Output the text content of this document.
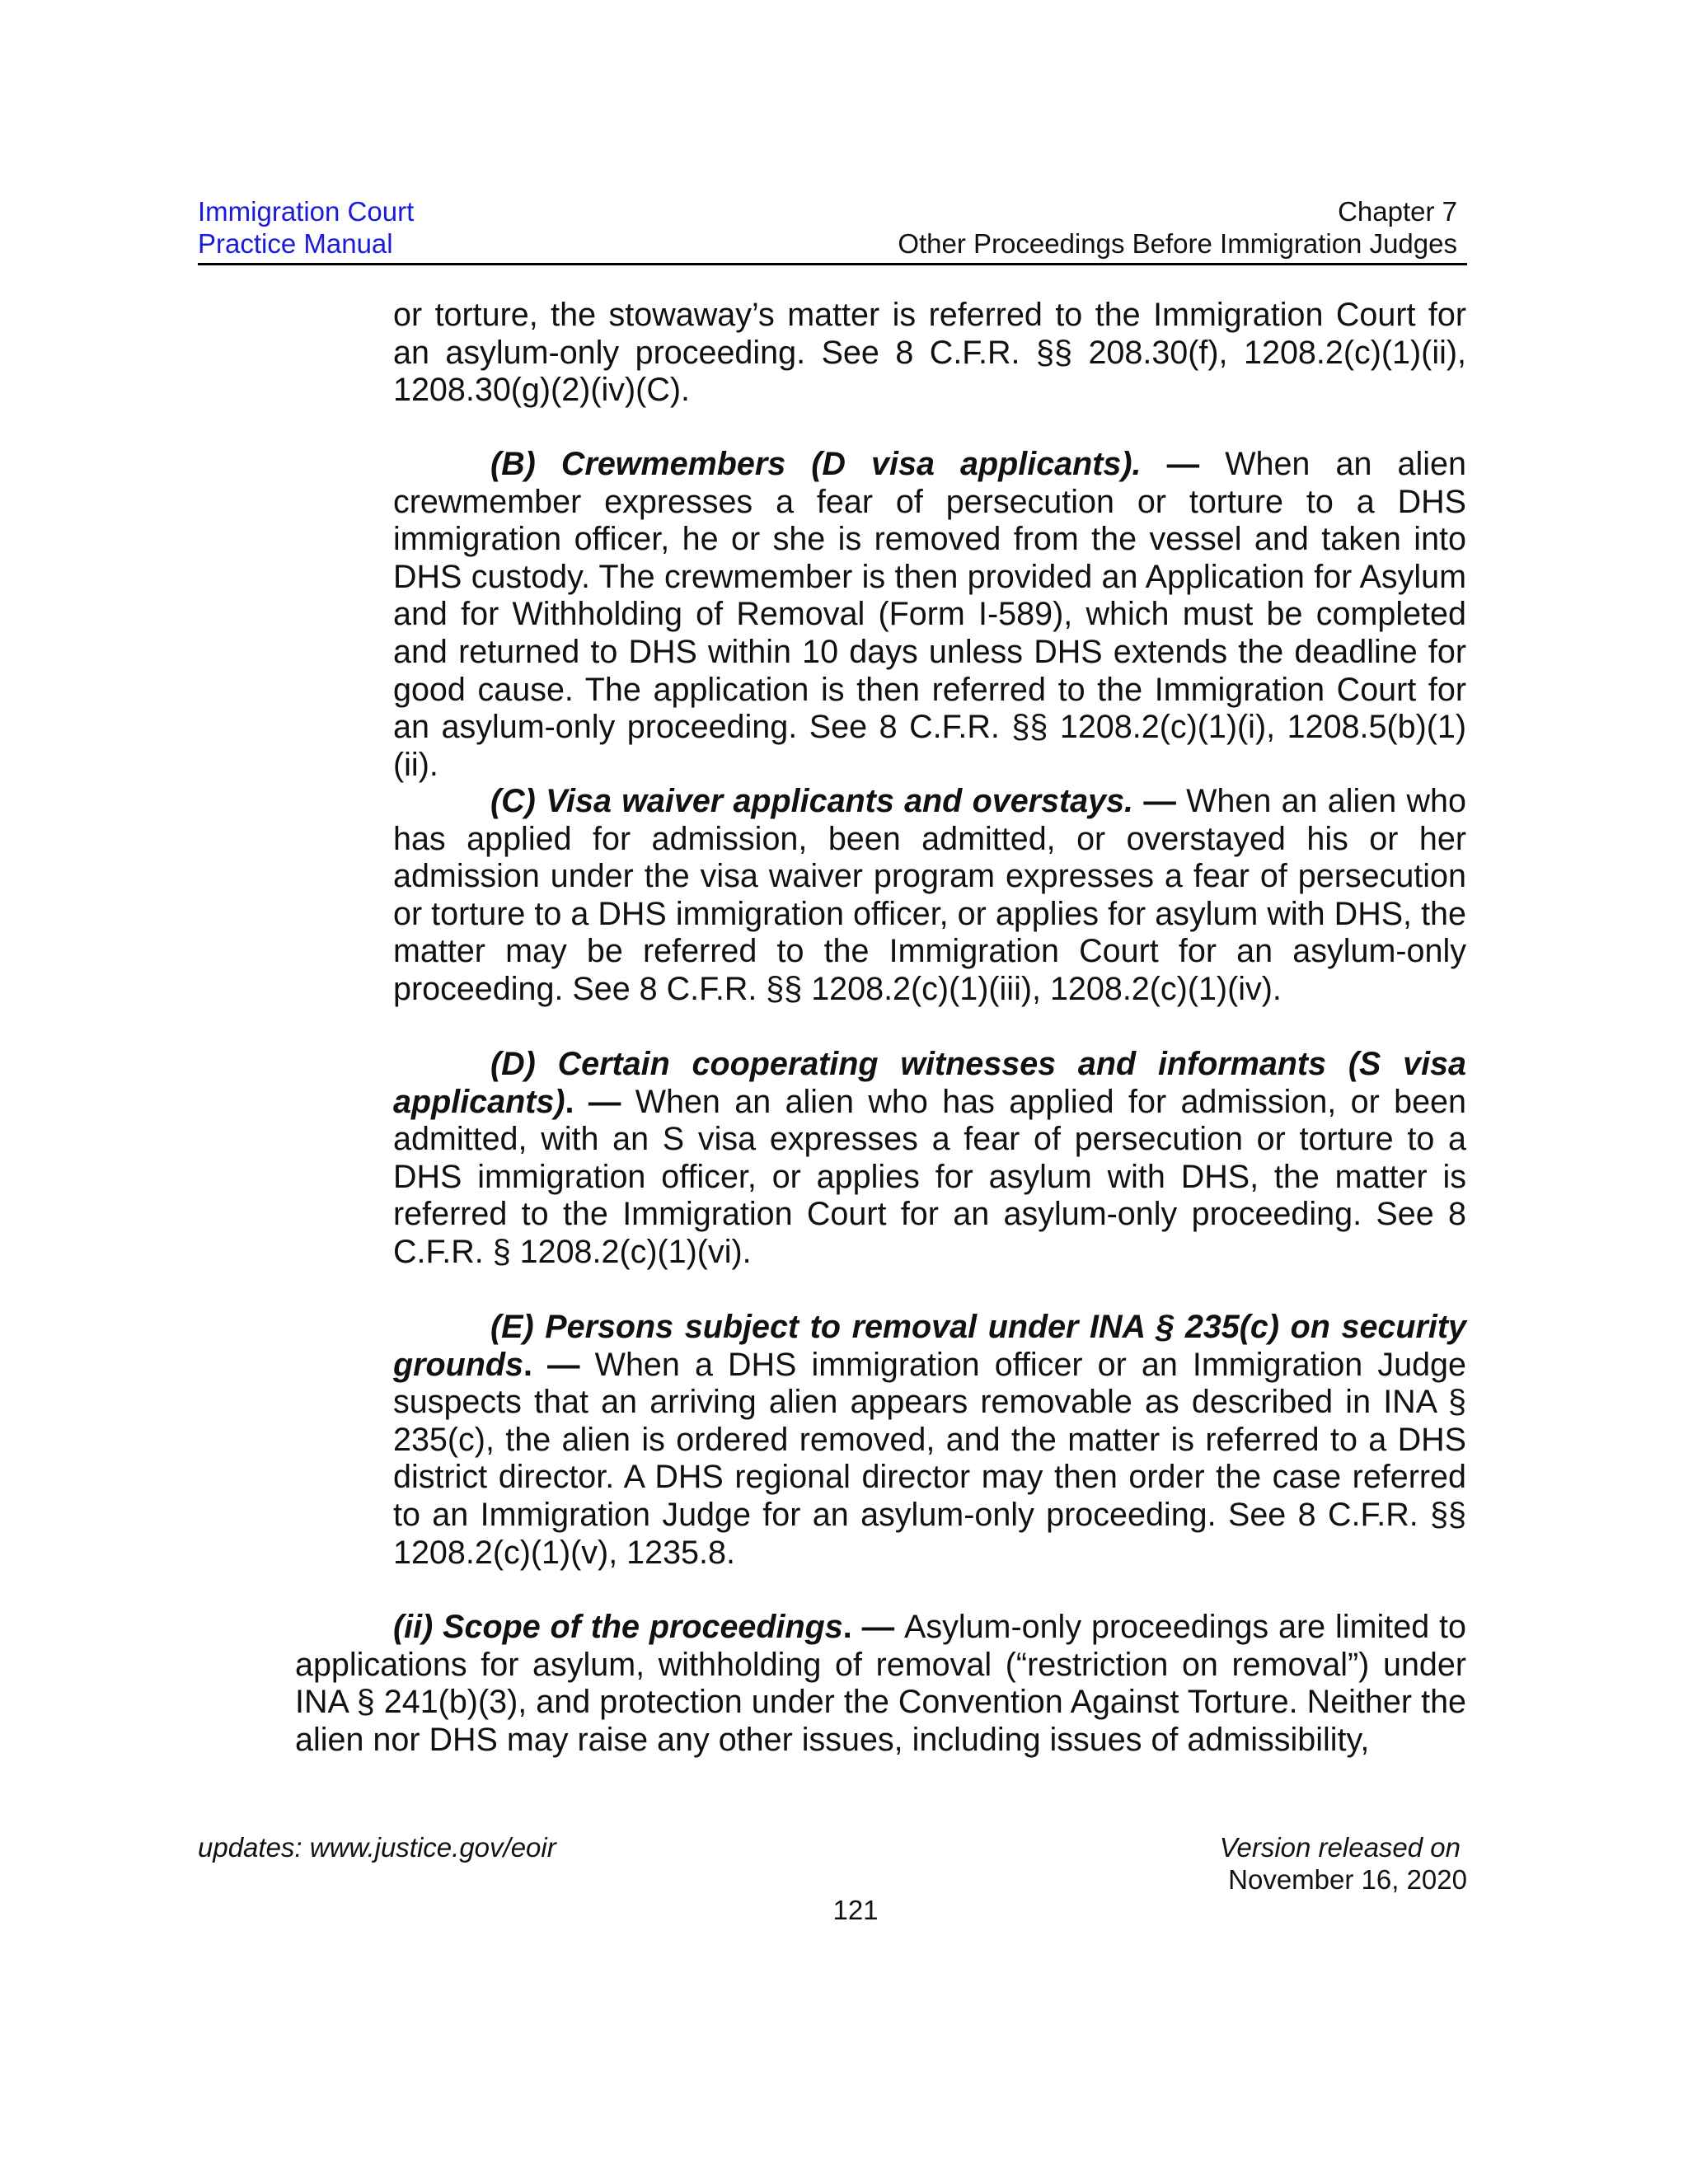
Immigration Court
Practice Manual
Chapter 7
Other Proceedings Before Immigration Judges

or torture, the stowaway’s matter is referred to the Immigration Court for an asylum-only proceeding. See 8 C.F.R. §§ 208.30(f), 1208.2(c)(1)(ii), 1208.30(g)(2)(iv)(C).

(B) Crewmembers (D visa applicants). — When an alien crewmember expresses a fear of persecution or torture to a DHS immigration officer, he or she is removed from the vessel and taken into DHS custody. The crewmember is then provided an Application for Asylum and for Withholding of Removal (Form I-589), which must be completed and returned to DHS within 10 days unless DHS extends the deadline for good cause. The application is then referred to the Immigration Court for an asylum-only proceeding. See 8 C.F.R. §§ 1208.2(c)(1)(i), 1208.5(b)(1)(ii).

(C) Visa waiver applicants and overstays. — When an alien who has applied for admission, been admitted, or overstayed his or her admission under the visa waiver program expresses a fear of persecution or torture to a DHS immigration officer, or applies for asylum with DHS, the matter may be referred to the Immigration Court for an asylum-only proceeding. See 8 C.F.R. §§ 1208.2(c)(1)(iii), 1208.2(c)(1)(iv).

(D) Certain cooperating witnesses and informants (S visa applicants). — When an alien who has applied for admission, or been admitted, with an S visa expresses a fear of persecution or torture to a DHS immigration officer, or applies for asylum with DHS, the matter is referred to the Immigration Court for an asylum-only proceeding. See 8 C.F.R. § 1208.2(c)(1)(vi).

(E) Persons subject to removal under INA § 235(c) on security grounds. — When a DHS immigration officer or an Immigration Judge suspects that an arriving alien appears removable as described in INA § 235(c), the alien is ordered removed, and the matter is referred to a DHS district director. A DHS regional director may then order the case referred to an Immigration Judge for an asylum-only proceeding. See 8 C.F.R. §§ 1208.2(c)(1)(v), 1235.8.

(ii) Scope of the proceedings. — Asylum-only proceedings are limited to applications for asylum, withholding of removal (“restriction on removal”) under INA § 241(b)(3), and protection under the Convention Against Torture. Neither the alien nor DHS may raise any other issues, including issues of admissibility,

updates: www.justice.gov/eoir	Version released on
November 16, 2020
121
